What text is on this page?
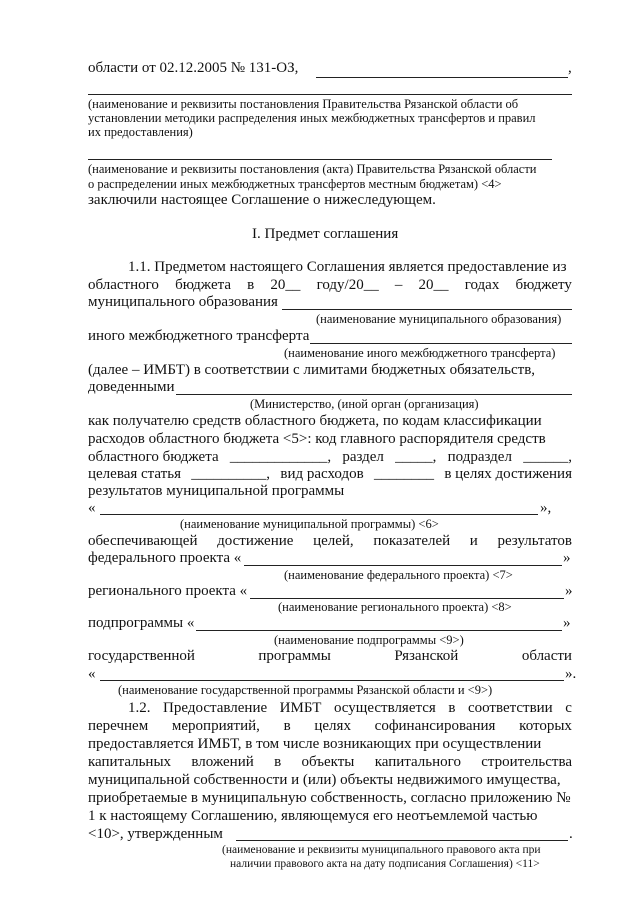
области от 02.12.2005 № 131-ОЗ,	,
(наименование и реквизиты постановления Правительства Рязанской области об
установлении методики распределения иных межбюджетных трансфертов и правил
их предоставления)
(наименование и реквизиты постановления (акта) Правительства Рязанской области
о распределении иных межбюджетных трансфертов местным бюджетам) <4>
заключили настоящее Соглашение о нижеследующем.
I. Предмет соглашения
1.1. Предметом настоящего Соглашения является предоставление из
областного бюджета в 20__ году/20__ – 20__ годах бюджету
муниципального образования
(наименование муниципального образования)
иного межбюджетного трансферта
(наименование иного межбюджетного трансферта)
(далее – ИМБТ) в соответствии с лимитами бюджетных обязательств,
доведенными
(Министерство, (иной орган (организация)
как получателю средств областного бюджета, по кодам классификации
расходов областного бюджета <5>: код главного распорядителя средств
областного бюджета _____________, раздел _____, подраздел ______,
целевая статья __________, вид расходов ________ в целях достижения
результатов муниципальной программы
«	»,
(наименование муниципальной программы) <6>
обеспечивающей достижение целей, показателей и результатов
федерального проекта «	»
(наименование федерального проекта) <7>
регионального проекта «	»
(наименование регионального проекта) <8>
подпрограммы «	»
(наименование подпрограммы <9>)
государственной	программы	Рязанской	области
«	».
(наименование государственной программы Рязанской области и <9>)
1.2. Предоставление ИМБТ осуществляется в соответствии с
перечнем мероприятий, в целях софинансирования которых
предоставляется ИМБТ, в том числе возникающих при осуществлении
капитальных вложений в объекты капитального строительства
муниципальной собственности и (или) объекты недвижимого имущества,
приобретаемые в муниципальную собственность, согласно приложению №
1 к настоящему Соглашению, являющемуся его неотъемлемой частью
<10>, утвержденным	.
(наименование и реквизиты муниципального правового акта при
наличии правового акта на дату подписания Соглашения) <11>
